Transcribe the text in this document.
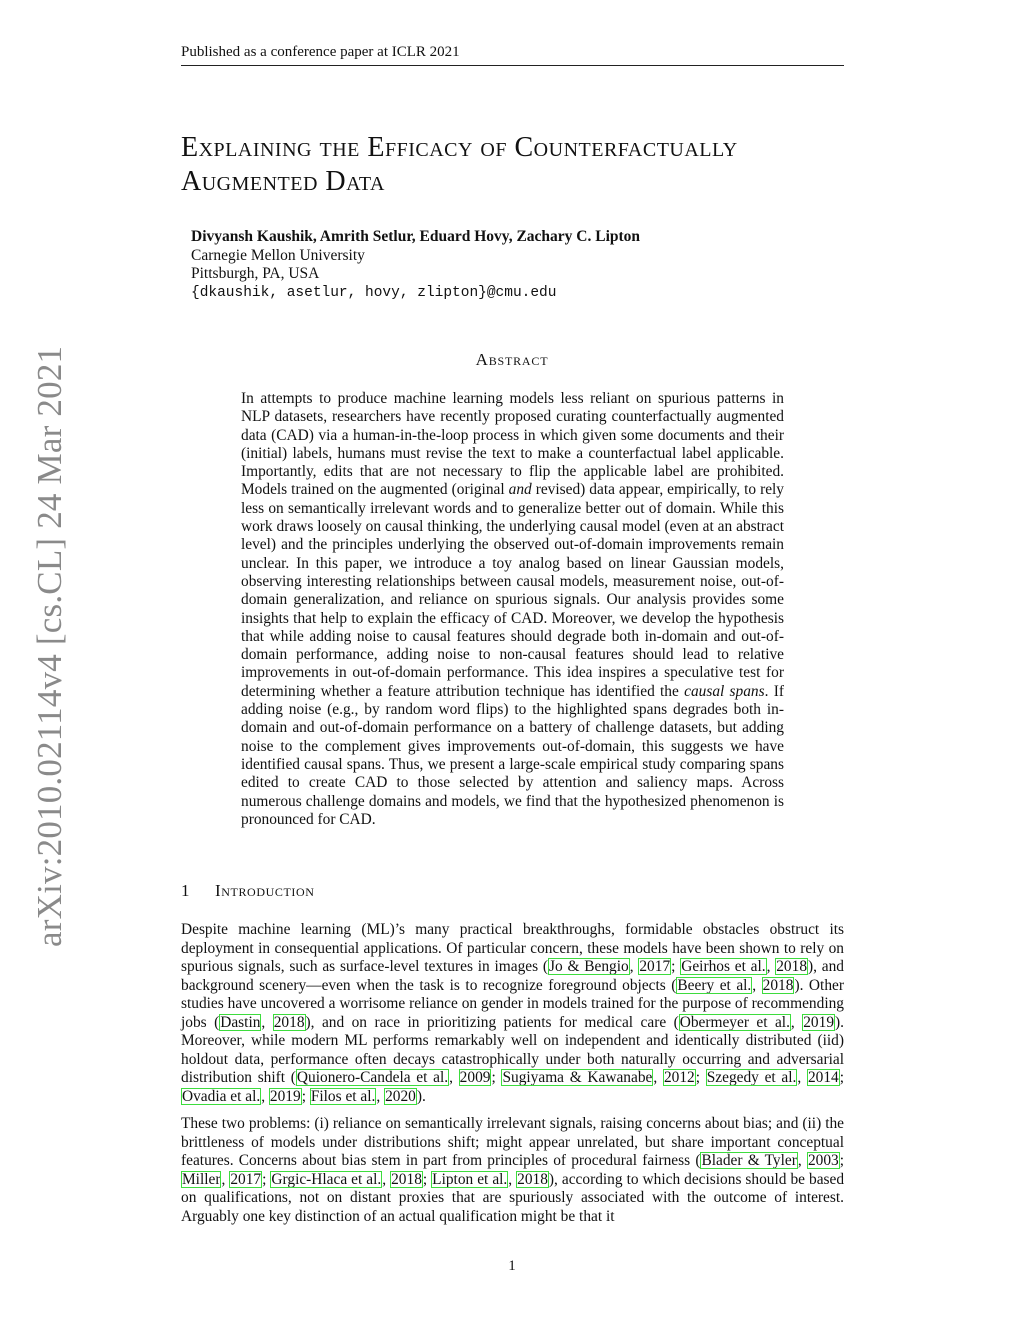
Published as a conference paper at ICLR 2021
arXiv:2010.02114v4 [cs.CL] 24 Mar 2021
Explaining the Efficacy of Counterfactually
Augmented Data
Divyansh Kaushik, Amrith Setlur, Eduard Hovy, Zachary C. Lipton
Carnegie Mellon University
Pittsburgh, PA, USA
{dkaushik, asetlur, hovy, zlipton}@cmu.edu
Abstract
In attempts to produce machine learning models less reliant on spurious patterns in NLP datasets, researchers have recently proposed curating counterfactually augmented data (CAD) via a human-in-the-loop process in which given some documents and their (initial) labels, humans must revise the text to make a counterfactual label applicable. Importantly, edits that are not necessary to flip the applicable label are prohibited. Models trained on the augmented (original and revised) data appear, empirically, to rely less on semantically irrelevant words and to generalize better out of domain. While this work draws loosely on causal thinking, the underlying causal model (even at an abstract level) and the principles underlying the observed out-of-domain improvements remain unclear. In this paper, we introduce a toy analog based on linear Gaussian models, observing interesting relationships between causal models, measurement noise, out-of-domain generalization, and reliance on spurious signals. Our analysis provides some insights that help to explain the efficacy of CAD. Moreover, we develop the hypothesis that while adding noise to causal features should degrade both in-domain and out-of-domain performance, adding noise to non-causal features should lead to relative improvements in out-of-domain performance. This idea inspires a speculative test for determining whether a feature attribution technique has identified the causal spans. If adding noise (e.g., by random word flips) to the highlighted spans degrades both in-domain and out-of-domain performance on a battery of challenge datasets, but adding noise to the complement gives improvements out-of-domain, this suggests we have identified causal spans. Thus, we present a large-scale empirical study comparing spans edited to create CAD to those selected by attention and saliency maps. Across numerous challenge domains and models, we find that the hypothesized phenomenon is pronounced for CAD.
1 Introduction
Despite machine learning (ML)’s many practical breakthroughs, formidable obstacles obstruct its deployment in consequential applications. Of particular concern, these models have been shown to rely on spurious signals, such as surface-level textures in images (Jo & Bengio, 2017; Geirhos et al., 2018), and background scenery—even when the task is to recognize foreground objects (Beery et al., 2018). Other studies have uncovered a worrisome reliance on gender in models trained for the purpose of recommending jobs (Dastin, 2018), and on race in prioritizing patients for medical care (Obermeyer et al., 2019). Moreover, while modern ML performs remarkably well on independent and identically distributed (iid) holdout data, performance often decays catastrophically under both naturally occurring and adversarial distribution shift (Quionero-Candela et al., 2009; Sugiyama & Kawanabe, 2012; Szegedy et al., 2014; Ovadia et al., 2019; Filos et al., 2020).
These two problems: (i) reliance on semantically irrelevant signals, raising concerns about bias; and (ii) the brittleness of models under distributions shift; might appear unrelated, but share important conceptual features. Concerns about bias stem in part from principles of procedural fairness (Blader & Tyler, 2003; Miller, 2017; Grgic-Hlaca et al., 2018; Lipton et al., 2018), according to which decisions should be based on qualifications, not on distant proxies that are spuriously associated with the outcome of interest. Arguably one key distinction of an actual qualification might be that it
1
